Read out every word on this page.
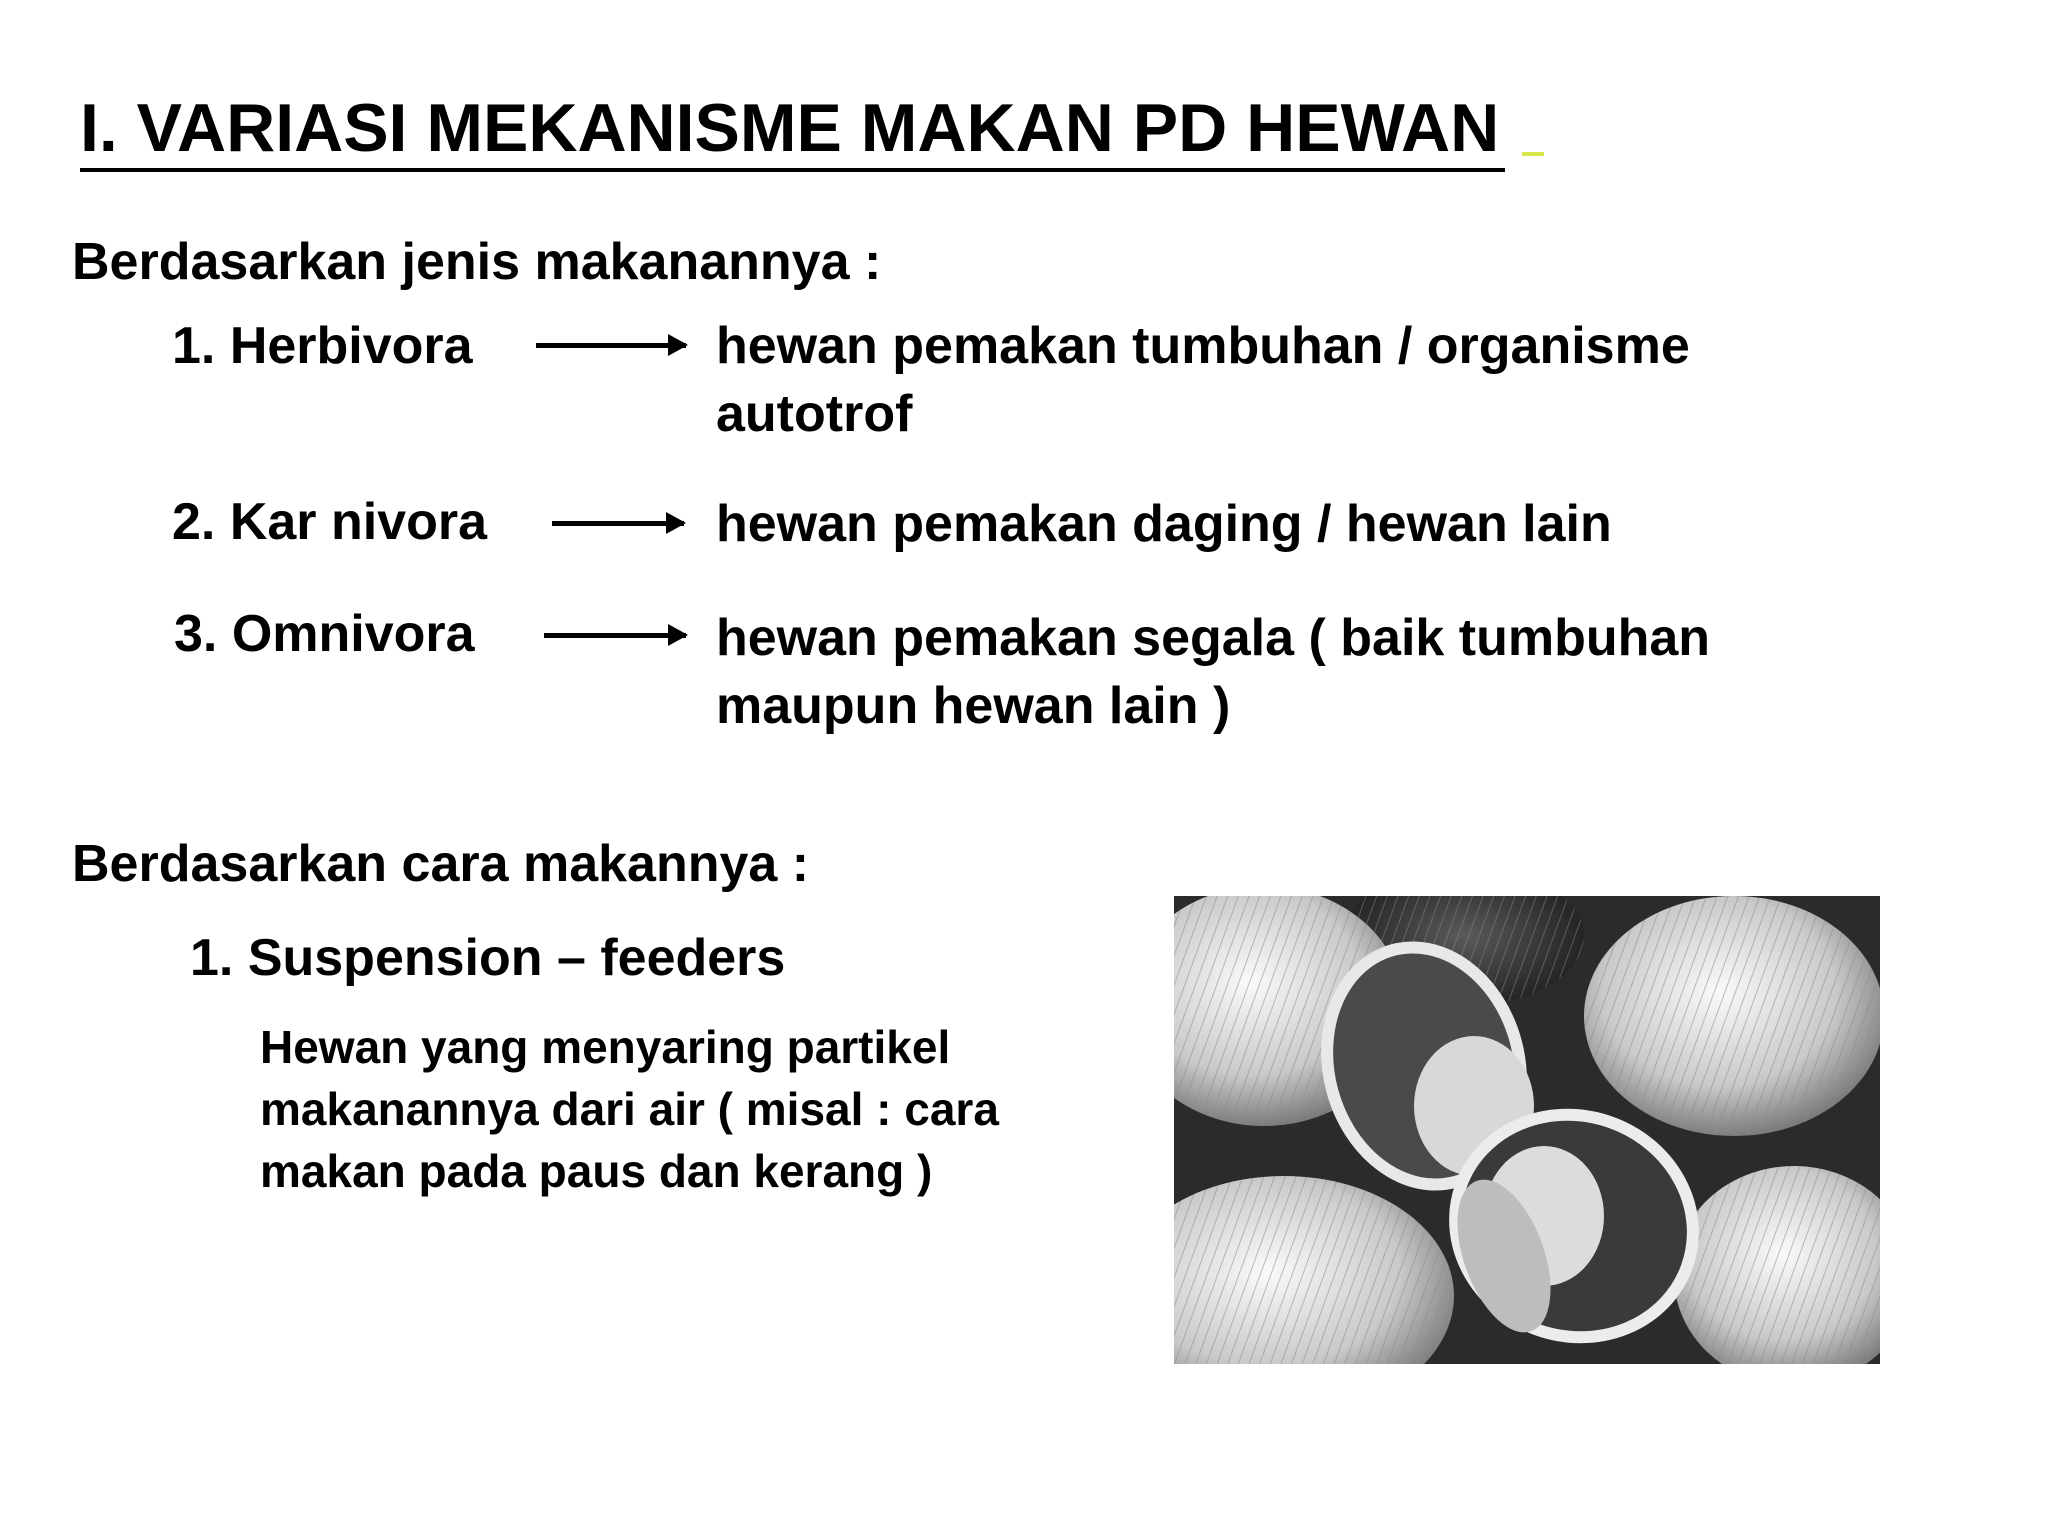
I. VARIASI MEKANISME MAKAN PD HEWAN
Berdasarkan jenis makanannya :
1. Herbivora	hewan pemakan tumbuhan / organisme autotrof
2. Kar nivora	hewan pemakan daging / hewan lain
3. Omnivora	hewan pemakan segala ( baik tumbuhan maupun hewan lain )
Berdasarkan cara makannya :
1. Suspension – feeders
Hewan yang menyaring partikel makanannya dari air ( misal : cara makan pada paus dan kerang )
